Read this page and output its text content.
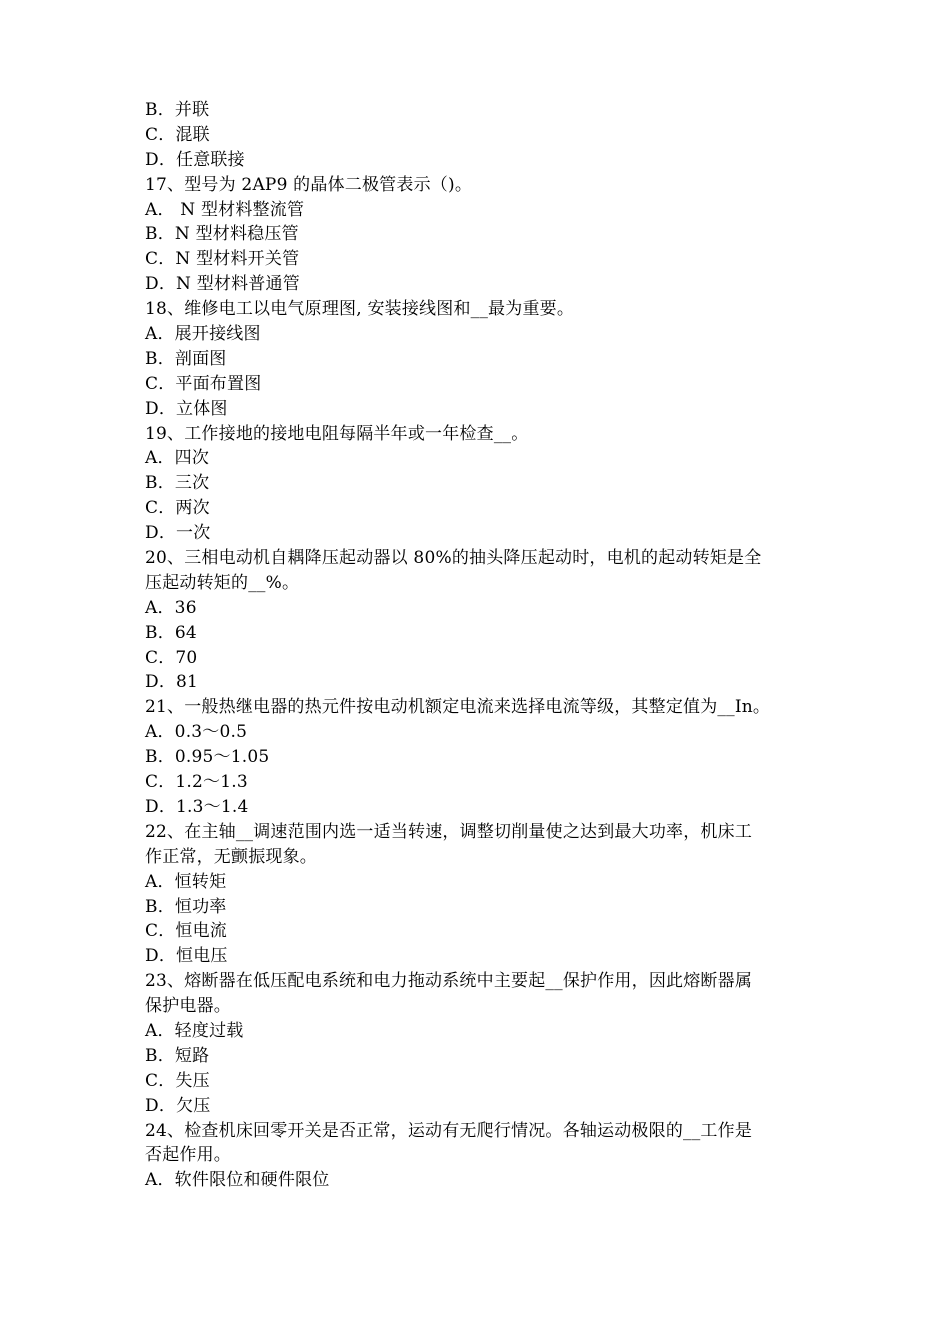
B．并联
C．混联
D．任意联接
17、型号为 2AP9 的晶体二极管表示（)。
A． N 型材料整流管
B．N 型材料稳压管
C．N 型材料开关管
D．N 型材料普通管
18、维修电工以电气原理图, 安装接线图和__最为重要。
A．展开接线图
B．剖面图
C．平面布置图
D．立体图
19、工作接地的接地电阻每隔半年或一年检查__。
A．四次
B．三次
C．两次
D．一次
20、三相电动机自耦降压起动器以 80%的抽头降压起动时，电机的起动转矩是全
压起动转矩的__%。
A．36
B．64
C．70
D．81
21、一般热继电器的热元件按电动机额定电流来选择电流等级，其整定值为__In。
A．0.3～0.5
B．0.95～1.05
C．1.2～1.3
D．1.3～1.4
22、在主轴__调速范围内选一适当转速，调整切削量使之达到最大功率，机床工
作正常，无颤振现象。
A．恒转矩
B．恒功率
C．恒电流
D．恒电压
23、熔断器在低压配电系统和电力拖动系统中主要起__保护作用，因此熔断器属
保护电器。
A．轻度过载
B．短路
C．失压
D．欠压
24、检查机床回零开关是否正常，运动有无爬行情况。各轴运动极限的__工作是
否起作用。
A．软件限位和硬件限位
